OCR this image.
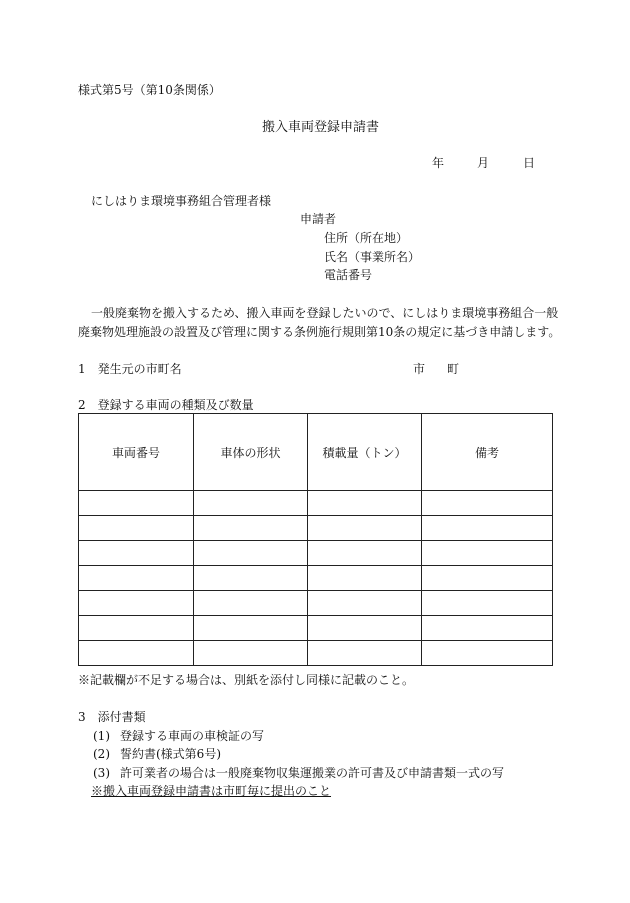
様式第5号（第10条関係）
搬入車両登録申請書
年	月	日
にしはりま環境事務組合管理者様
申請者
住所（所在地）
氏名（事業所名）
電話番号
一般廃棄物を搬入するため、搬入車両を登録したいので、にしはりま環境事務組合一般
廃棄物処理施設の設置及び管理に関する条例施行規則第10条の規定に基づき申請します。
1　発生元の市町名	市 町
2　登録する車両の種類及び数量
車両番号	車体の形状	積載量（トン）	備考

※記載欄が不足する場合は、別紙を添付し同様に記載のこと。
3　添付書類
(1) 登録する車両の車検証の写
(2) 誓約書(様式第6号)
(3) 許可業者の場合は一般廃棄物収集運搬業の許可書及び申請書類一式の写
※搬入車両登録申請書は市町毎に提出のこと
